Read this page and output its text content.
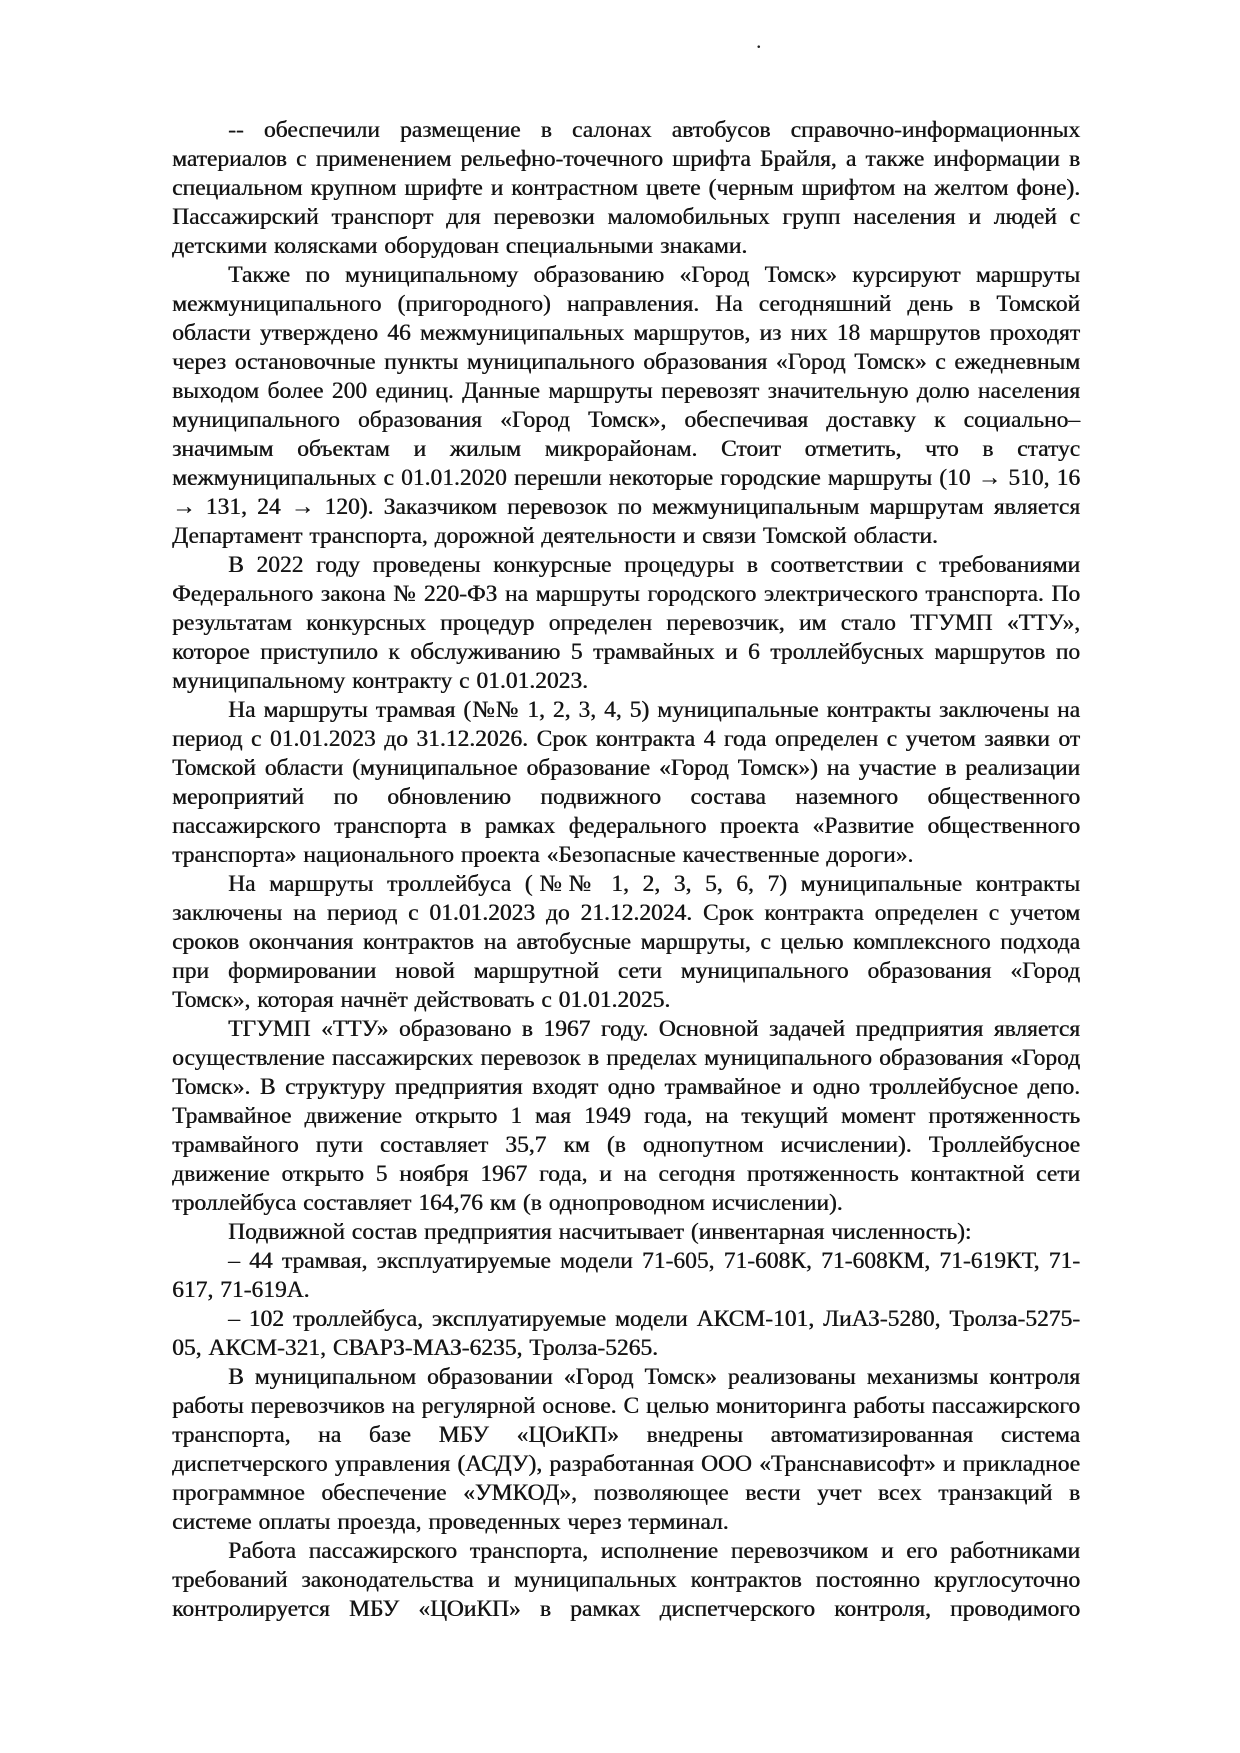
.

-- обеспечили размещение в салонах автобусов справочно-информационных материалов с применением рельефно-точечного шрифта Брайля, а также информации в специальном крупном шрифте и контрастном цвете (черным шрифтом на желтом фоне). Пассажирский транспорт для перевозки маломобильных групп населения и людей с детскими колясками оборудован специальными знаками.

Также по муниципальному образованию «Город Томск» курсируют маршруты межмуниципального (пригородного) направления. На сегодняшний день в Томской области утверждено 46 межмуниципальных маршрутов, из них 18 маршрутов проходят через остановочные пункты муниципального образования «Город Томск» с ежедневным выходом более 200 единиц. Данные маршруты перевозят значительную долю населения муниципального образования «Город Томск», обеспечивая доставку к социально–значимым объектам и жилым микрорайонам. Стоит отметить, что в статус межмуниципальных с 01.01.2020 перешли некоторые городские маршруты (10 → 510, 16 → 131, 24 → 120). Заказчиком перевозок по межмуниципальным маршрутам является Департамент транспорта, дорожной деятельности и связи Томской области.

В 2022 году проведены конкурсные процедуры в соответствии с требованиями Федерального закона № 220-ФЗ на маршруты городского электрического транспорта. По результатам конкурсных процедур определен перевозчик, им стало ТГУМП «ТТУ», которое приступило к обслуживанию 5 трамвайных и 6 троллейбусных маршрутов по муниципальному контракту с 01.01.2023.

На маршруты трамвая (№№ 1, 2, 3, 4, 5) муниципальные контракты заключены на период с 01.01.2023 до 31.12.2026. Срок контракта 4 года определен с учетом заявки от Томской области (муниципальное образование «Город Томск») на участие в реализации мероприятий по обновлению подвижного состава наземного общественного пассажирского транспорта в рамках федерального проекта «Развитие общественного транспорта» национального проекта «Безопасные качественные дороги».

На маршруты троллейбуса (№№ 1, 2, 3, 5, 6, 7) муниципальные контракты заключены на период с 01.01.2023 до 21.12.2024. Срок контракта определен с учетом сроков окончания контрактов на автобусные маршруты, с целью комплексного подхода при формировании новой маршрутной сети муниципального образования «Город Томск», которая начнёт действовать с 01.01.2025.

ТГУМП «ТТУ» образовано в 1967 году. Основной задачей предприятия является осуществление пассажирских перевозок в пределах муниципального образования «Город Томск». В структуру предприятия входят одно трамвайное и одно троллейбусное депо. Трамвайное движение открыто 1 мая 1949 года, на текущий момент протяженность трамвайного пути составляет 35,7 км (в однопутном исчислении). Троллейбусное движение открыто 5 ноября 1967 года, и на сегодня протяженность контактной сети троллейбуса составляет 164,76 км (в однопроводном исчислении).

Подвижной состав предприятия насчитывает (инвентарная численность):

– 44 трамвая, эксплуатируемые модели 71-605, 71-608К, 71-608КМ, 71-619КТ, 71-617, 71-619А.

– 102 троллейбуса, эксплуатируемые модели АКСМ-101, ЛиАЗ-5280, Тролза-5275-05, АКСМ-321, СВАРЗ-МАЗ-6235, Тролза-5265.

В муниципальном образовании «Город Томск» реализованы механизмы контроля работы перевозчиков на регулярной основе. С целью мониторинга работы пассажирского транспорта, на базе МБУ «ЦОиКП» внедрены автоматизированная система диспетчерского управления (АСДУ), разработанная ООО «Транснависофт» и прикладное программное обеспечение «УМКОД», позволяющее вести учет всех транзакций в системе оплаты проезда, проведенных через терминал.

Работа пассажирского транспорта, исполнение перевозчиком и его работниками требований законодательства и муниципальных контрактов постоянно круглосуточно контролируется МБУ «ЦОиКП» в рамках диспетчерского контроля, проводимого
